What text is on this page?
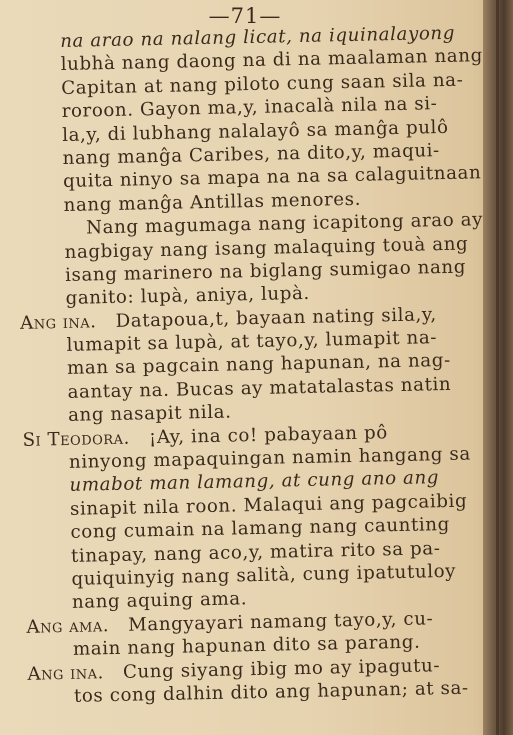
—71—
na arao na nalang licat, na iquinalayong
lubhà nang daong na di na maalaman nang
Capitan at nang piloto cung saan sila na-
roroon. Gayon ma,y, inacalà nila na si-
la,y, di lubhang nalalayô sa manĝa pulô
nang manĝa Caribes, na dito,y, maqui-
quita ninyo sa mapa na na sa calaguitnaan
nang manĝa Antillas menores.
Nang magumaga nang icapitong arao ay
nagbigay nang isang malaquing touà ang
isang marinero na biglang sumigao nang
ganito: lupà, aniya, lupà.
Ang ina. Datapoua,t, bayaan nating sila,y,
lumapit sa lupà, at tayo,y, lumapit na-
man sa pagcain nang hapunan, na nag-
aantay na. Bucas ay matatalastas natin
ang nasapit nila.
Si Teodora. ¡Ay, ina co! pabayaan pô
ninyong mapaquingan namin hangang sa
umabot man lamang, at cung ano ang
sinapit nila roon. Malaqui ang pagcaibig
cong cumain na lamang nang caunting
tinapay, nang aco,y, matira rito sa pa-
quiquinyig nang salità, cung ipatutuloy
nang aquing ama.
Ang ama. Mangyayari namang tayo,y, cu-
main nang hapunan dito sa parang.
Ang ina. Cung siyang ibig mo ay ipagutu-
tos cong dalhin dito ang hapunan; at sa-
